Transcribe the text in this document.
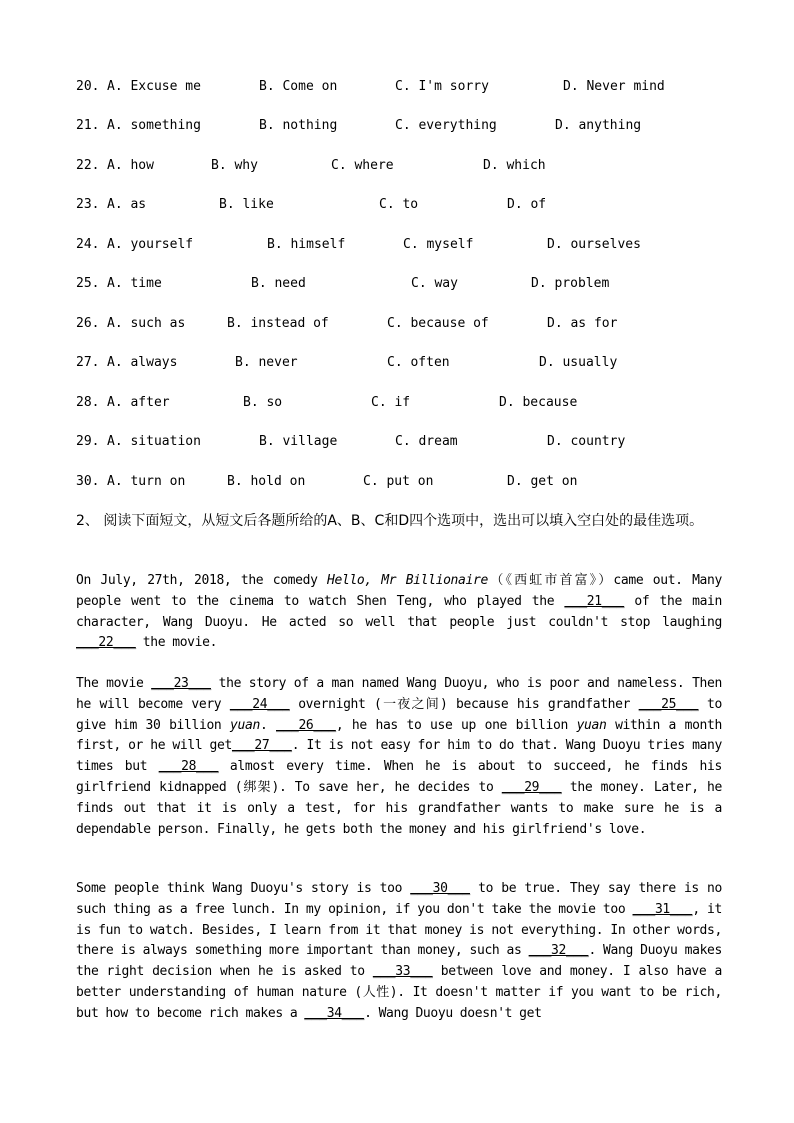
20. A. Excuse me	B. Come on	C. I'm sorry	D. Never mind
21. A. something	B. nothing	C. everything	D. anything
22. A. how	B. why	C. where	D. which
23. A. as	B. like	C. to	D. of
24. A. yourself	B. himself	C. myself	D. ourselves
25. A. time	B. need	C. way	D. problem
26. A. such as	B. instead of	C. because of	D. as for
27. A. always	B. never	C. often	D. usually
28. A. after	B. so	C. if	D. because
29. A. situation	B. village	C. dream	D. country
30. A. turn on	B. hold on	C. put on	D. get on
2、 阅读下面短文，从短文后各题所给的A、B、C和D四个选项中，选出可以填入空白处的最佳选项。
On July, 27th, 2018, the comedy Hello, Mr Billionaire（《西虹市首富》）came out. Many people went to the cinema to watch Shen Teng, who played the ___21___ of the main character, Wang Duoyu. He acted so well that people just couldn't stop laughing ___22___ the movie.
The movie ___23___ the story of a man named Wang Duoyu, who is poor and nameless. Then he will become very ___24___ overnight (一夜之间) because his grandfather ___25___ to give him 30 billion yuan. ___26___, he has to use up one billion yuan within a month first, or he will get___27___. It is not easy for him to do that. Wang Duoyu tries many times but ___28___ almost every time. When he is about to succeed, he finds his girlfriend kidnapped (绑架). To save her, he decides to ___29___ the money. Later, he finds out that it is only a test, for his grandfather wants to make sure he is a dependable person. Finally, he gets both the money and his girlfriend's love.
Some people think Wang Duoyu's story is too ___30___ to be true. They say there is no such thing as a free lunch. In my opinion, if you don't take the movie too ___31___, it is fun to watch. Besides, I learn from it that money is not everything. In other words, there is always something more important than money, such as ___32___. Wang Duoyu makes the right decision when he is asked to ___33___ between love and money. I also have a better understanding of human nature (人性). It doesn't matter if you want to be rich, but how to become rich makes a ___34___. Wang Duoyu doesn't get
